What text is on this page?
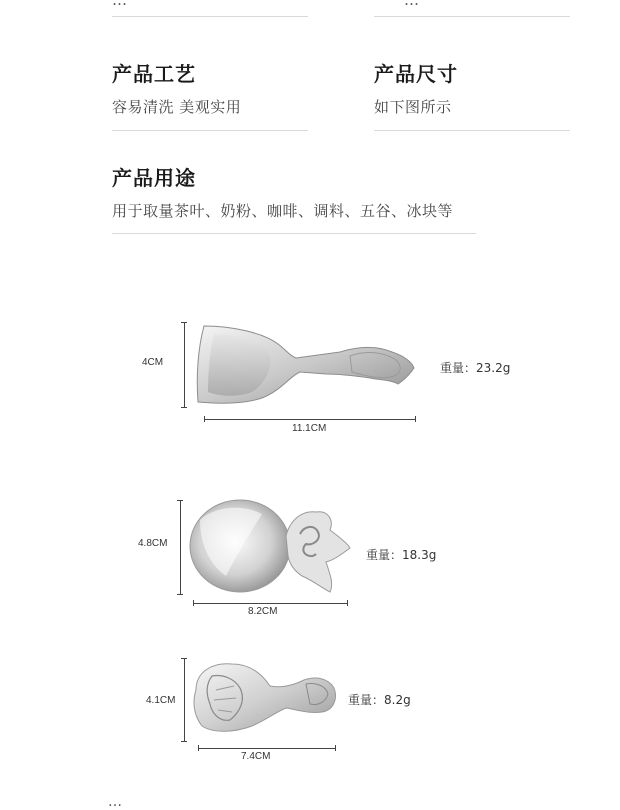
…	…
产品工艺
容易清洗 美观实用
产品尺寸
如下图所示
产品用途
用于取量茶叶、奶粉、咖啡、调料、五谷、冰块等
4CM
11.1CM
重量：23.2g
4.8CM
8.2CM
重量：18.3g
4.1CM
7.4CM
重量：8.2g
…
